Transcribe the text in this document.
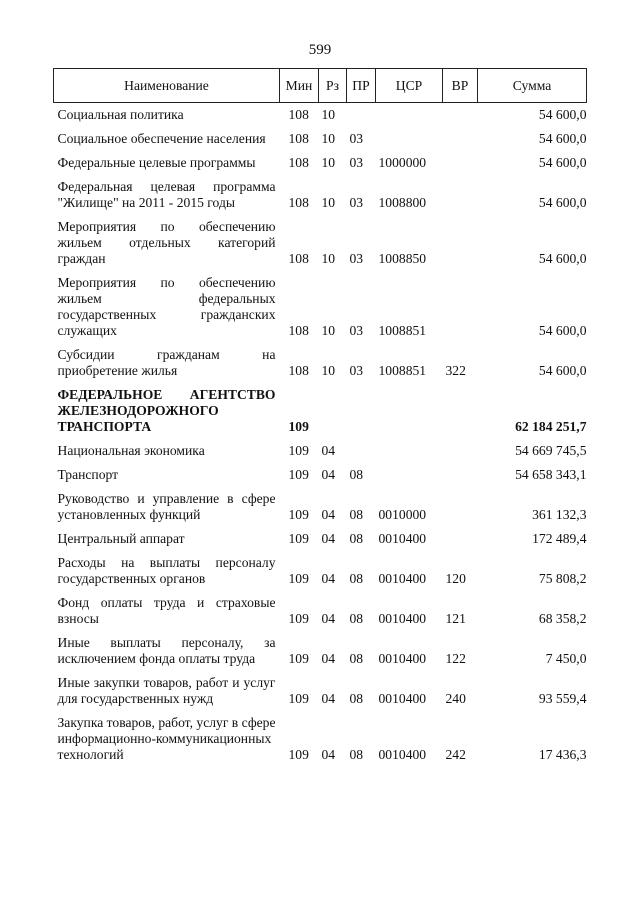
599
Наименование	Мин	Рз	ПР	ЦСР	ВР	Сумма
Социальная политика	108	10				54 600,0
Социальное обеспечение населения	108	10	03			54 600,0
Федеральные целевые программы	108	10	03	1000000		54 600,0
Федеральная целевая программа "Жилище" на 2011 - 2015 годы	108	10	03	1008800		54 600,0
Мероприятия по обеспечению жильем отдельных категорий граждан	108	10	03	1008850		54 600,0
Мероприятия по обеспечению жильем федеральных государственных гражданских служащих	108	10	03	1008851		54 600,0
Субсидии гражданам на приобретение жилья	108	10	03	1008851	322	54 600,0
ФЕДЕРАЛЬНОЕ АГЕНТСТВО ЖЕЛЕЗНОДОРОЖНОГО ТРАНСПОРТА	109					62 184 251,7
Национальная экономика	109	04				54 669 745,5
Транспорт	109	04	08			54 658 343,1
Руководство и управление в сфере установленных функций	109	04	08	0010000		361 132,3
Центральный аппарат	109	04	08	0010400		172 489,4
Расходы на выплаты персоналу государственных органов	109	04	08	0010400	120	75 808,2
Фонд оплаты труда и страховые взносы	109	04	08	0010400	121	68 358,2
Иные выплаты персоналу, за исключением фонда оплаты труда	109	04	08	0010400	122	7 450,0
Иные закупки товаров, работ и услуг для государственных нужд	109	04	08	0010400	240	93 559,4
Закупка товаров, работ, услуг в сфере информационно-коммуникационных технологий	109	04	08	0010400	242	17 436,3
